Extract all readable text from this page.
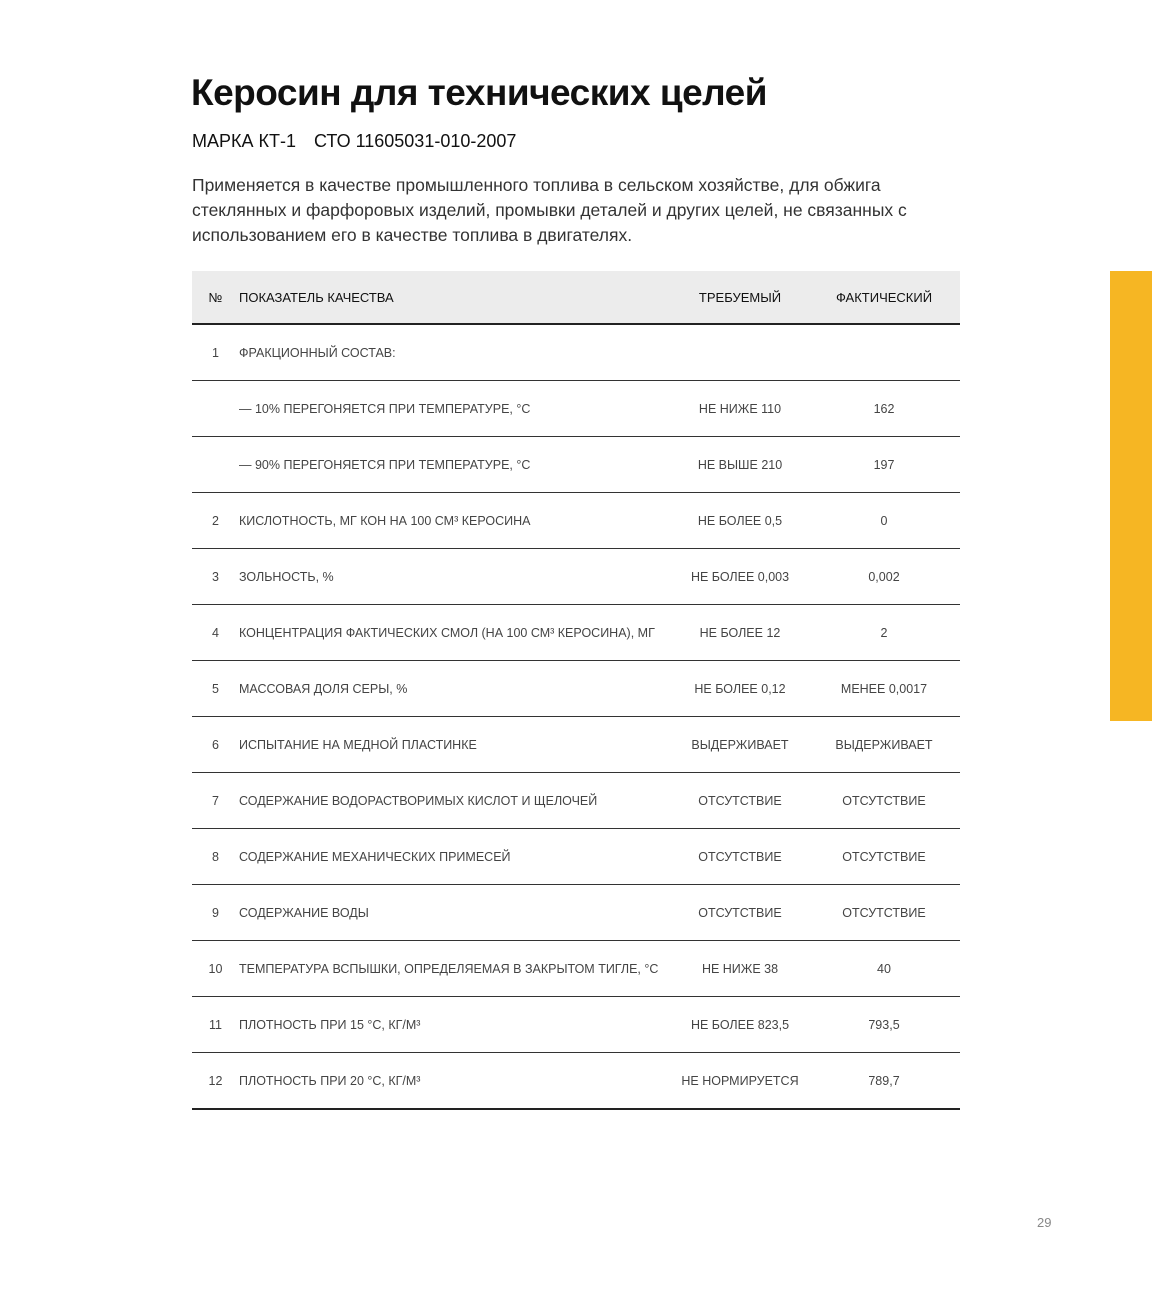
Керосин для технических целей
МАРКА КТ-1 СТО 11605031-010-2007

Применяется в качестве промышленного топлива в сельском хозяйстве, для обжига стеклянных и фарфоровых изделий, промывки деталей и других целей, не связанных с использованием его в качестве топлива в двигателях.

№	ПОКАЗАТЕЛЬ КАЧЕСТВА	ТРЕБУЕМЫЙ	ФАКТИЧЕСКИЙ
1	ФРАКЦИОННЫЙ СОСТАВ:
— 10% ПЕРЕГОНЯЕТСЯ ПРИ ТЕМПЕРАТУРЕ, °С	НЕ НИЖЕ 110	162
— 90% ПЕРЕГОНЯЕТСЯ ПРИ ТЕМПЕРАТУРЕ, °С	НЕ ВЫШЕ 210	197
2	КИСЛОТНОСТЬ, МГ КОН НА 100 СМ³ КЕРОСИНА	НЕ БОЛЕЕ 0,5	0
3	ЗОЛЬНОСТЬ, %	НЕ БОЛЕЕ 0,003	0,002
4	КОНЦЕНТРАЦИЯ ФАКТИЧЕСКИХ СМОЛ (НА 100 СМ³ КЕРОСИНА), МГ	НЕ БОЛЕЕ 12	2
5	МАССОВАЯ ДОЛЯ СЕРЫ, %	НЕ БОЛЕЕ 0,12	МЕНЕЕ 0,0017
6	ИСПЫТАНИЕ НА МЕДНОЙ ПЛАСТИНКЕ	ВЫДЕРЖИВАЕТ	ВЫДЕРЖИВАЕТ
7	СОДЕРЖАНИЕ ВОДОРАСТВОРИМЫХ КИСЛОТ И ЩЕЛОЧЕЙ	ОТСУТСТВИЕ	ОТСУТСТВИЕ
8	СОДЕРЖАНИЕ МЕХАНИЧЕСКИХ ПРИМЕСЕЙ	ОТСУТСТВИЕ	ОТСУТСТВИЕ
9	СОДЕРЖАНИЕ ВОДЫ	ОТСУТСТВИЕ	ОТСУТСТВИЕ
10	ТЕМПЕРАТУРА ВСПЫШКИ, ОПРЕДЕЛЯЕМАЯ В ЗАКРЫТОМ ТИГЛЕ, °С	НЕ НИЖЕ 38	40
11	ПЛОТНОСТЬ ПРИ 15 °С, КГ/М³	НЕ БОЛЕЕ 823,5	793,5
12	ПЛОТНОСТЬ ПРИ 20 °С, КГ/М³	НЕ НОРМИРУЕТСЯ	789,7
29
